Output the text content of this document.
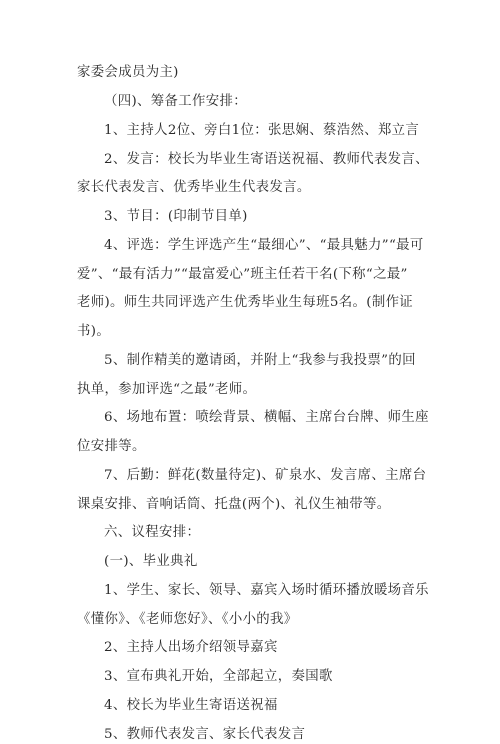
家委会成员为主)
（四)、筹备工作安排：
1、主持人2位、旁白1位：张思娴、蔡浩然、郑立言
2、发言：校长为毕业生寄语送祝福、教师代表发言、
家长代表发言、优秀毕业生代表发言。
3、节目：(印制节目单)
4、评选：学生评选产生“最细心”、“最具魅力”“最可
爱”、“最有活力”“最富爱心”班主任若干名(下称“之最”
老师)。师生共同评选产生优秀毕业生每班5名。(制作证
书)。
5、制作精美的邀请函，并附上“我参与我投票”的回
执单，参加评选“之最”老师。
6、场地布置：喷绘背景、横幅、主席台台牌、师生座
位安排等。
7、后勤：鲜花(数量待定)、矿泉水、发言席、主席台
课桌安排、音响话筒、托盘(两个)、礼仪生袖带等。
六、议程安排：
(一)、毕业典礼
1、学生、家长、领导、嘉宾入场时循环播放暖场音乐
《懂你》、《老师您好》、《小小的我》
2、主持人出场介绍领导嘉宾
3、宣布典礼开始，全部起立，奏国歌
4、校长为毕业生寄语送祝福
5、教师代表发言、家长代表发言
